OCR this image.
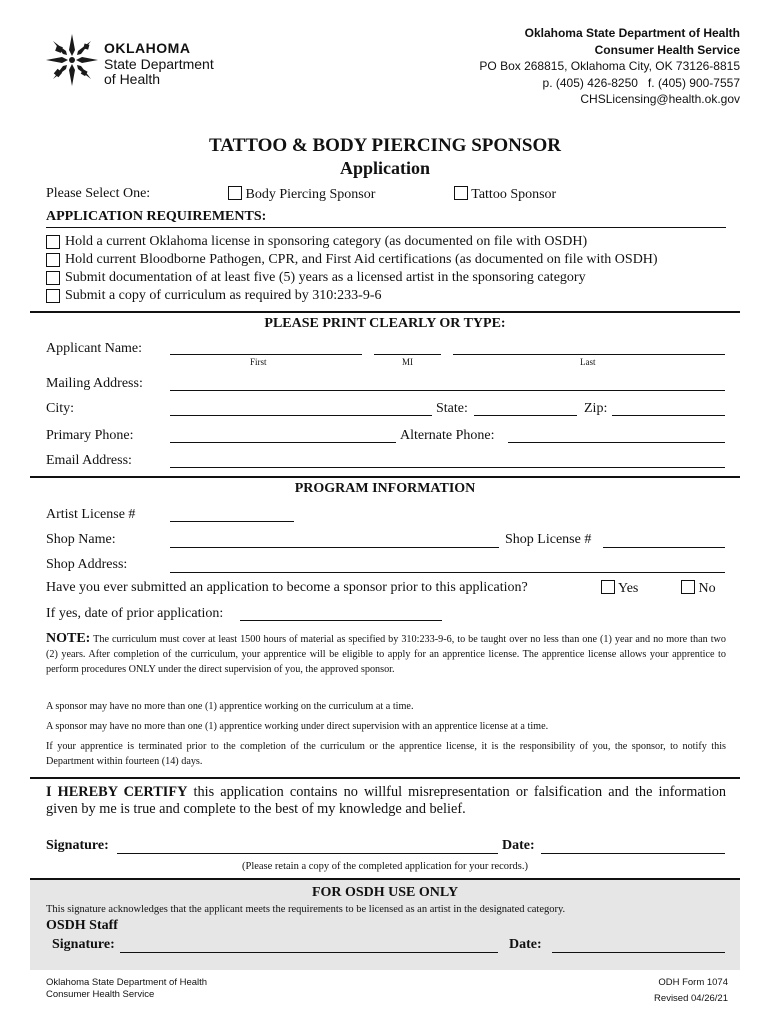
OKLAHOMA
State Department
of Health
Oklahoma State Department of Health
Consumer Health Service
PO Box 268815, Oklahoma City, OK 73126-8815
p. (405) 426-8250   f. (405) 900-7557
CHSLicensing@health.ok.gov
TATTOO & BODY PIERCING SPONSOR
Application
Please Select One:	Body Piercing Sponsor	Tattoo Sponsor
APPLICATION REQUIREMENTS:
Hold a current Oklahoma license in sponsoring category (as documented on file with OSDH)
Hold current Bloodborne Pathogen, CPR, and First Aid certifications (as documented on file with OSDH)
Submit documentation of at least five (5) years as a licensed artist in the sponsoring category
Submit a copy of curriculum as required by 310:233-9-6
PLEASE PRINT CLEARLY OR TYPE:
Applicant Name:
First	MI	Last
Mailing Address:
City:	State:	Zip:
Primary Phone:	Alternate Phone:
Email Address:
PROGRAM INFORMATION
Artist License #
Shop Name:	Shop License #
Shop Address:
Have you ever submitted an application to become a sponsor prior to this application?	Yes	No
If yes, date of prior application:
NOTE: The curriculum must cover at least 1500 hours of material as specified by 310:233-9-6, to be taught over no less than one (1) year and no more than two (2) years. After completion of the curriculum, your apprentice will be eligible to apply for an apprentice license. The apprentice license allows your apprentice to perform procedures ONLY under the direct supervision of you, the approved sponsor.
A sponsor may have no more than one (1) apprentice working on the curriculum at a time.
A sponsor may have no more than one (1) apprentice working under direct supervision with an apprentice license at a time.
If your apprentice is terminated prior to the completion of the curriculum or the apprentice license, it is the responsibility of you, the sponsor, to notify this Department within fourteen (14) days.
I HEREBY CERTIFY this application contains no willful misrepresentation or falsification and the information given by me is true and complete to the best of my knowledge and belief.
Signature:	Date:
(Please retain a copy of the completed application for your records.)
FOR OSDH USE ONLY
This signature acknowledges that the applicant meets the requirements to be licensed as an artist in the designated category.
OSDH Staff
Signature:	Date:
Oklahoma State Department of Health
Consumer Health Service
ODH Form 1074
Revised 04/26/21
